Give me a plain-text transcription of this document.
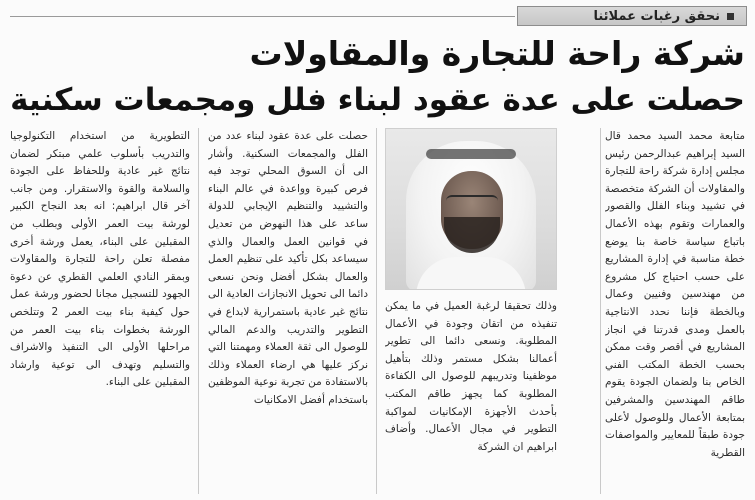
نحقق رغبات عملائنا
شركة راحة للتجارة والمقاولات
حصلت على عدة عقود لبناء فلل ومجمعات سكنية
متابعة محمد السيد محمد قال السيد إبراهيم عبدالرحمن رئيس مجلس إدارة شركة راحة للتجارة والمقاولات أن الشركة متخصصة في تشييد وبناء الفلل والقصور والعمارات وتقوم بهذه الأعمال باتباع سياسة خاصة بنا يوضع خطة مناسبة في إدارة المشاريع على حسب احتياج كل مشروع من مهندسين وفنيين وعمال وبالخطة فإننا نحدد الانتاجية بالعمل ومدى قدرتنا في انجاز المشاريع في أقصر وقت ممكن بحسب الخطة المكتب الفني الخاص بنا ولضمان الجودة يقوم طاقم المهندسين والمشرفين بمتابعة الأعمال وللوصول لأعلى جودة طبقاً للمعايير والمواصفات القطرية
وذلك تحقيقا لرغبة العميل في ما يمكن تنفيذه من اتقان وجودة في الأعمال المطلوبة. ونسعى دائما الى تطوير أعمالنا بشكل مستمر وذلك بتأهيل موظفينا وتدريبهم للوصول الى الكفاءة المطلوبة كما يجهز طاقم المكتب بأحدث الأجهزة الإمكانيات لمواكبة التطوير في مجال الأعمال. وأضاف ابراهيم ان الشركة
حصلت على عدة عقود لبناء عدد من الفلل والمجمعات السكنية. وأشار الى أن السوق المحلي توجد فيه فرص كبيرة وواعدة في عالم البناء والتشييد والتنظيم الإيجابي للدولة ساعد على هذا النهوض من تعديل في قوانين العمل والعمال والذي سيساعد بكل تأكيد على تنظيم العمل والعمال بشكل أفضل ونحن نسعى دائما الى تحويل الانجازات العادية الى نتائج غير عادية باستمرارية لابداع في التطوير والتدريب والدعم المالي للوصول الى ثقة العملاء ومهمتنا التي نركز عليها هي ارضاء العملاء وذلك بالاستفادة من تجربة نوعية الموظفين باستخدام أفضل الامكانيات
التطويرية من استخدام التكنولوجيا والتدريب بأسلوب علمي مبتكر لضمان نتائج غير عادية وللحفاظ على الجودة والسلامة والقوة والاستقرار. ومن جانب آخر قال ابراهيم: انه بعد النجاح الكبير لورشة بيت العمر الأولى وبطلب من المقبلين على البناء، يعمل ورشة أخرى مفصلة تعلن راحة للتجارة والمقاولات وبمقر النادي العلمي القطري عن دعوة الجهود للتسجيل مجانا لحضور ورشة عمل حول كيفية بناء بيت العمر 2 وتتلخص الورشة بخطوات بناء بيت العمر من مراحلها الأولى الى التنفيذ والاشراف والتسليم وتهدف الى توعية وارشاد المقبلين على البناء.
